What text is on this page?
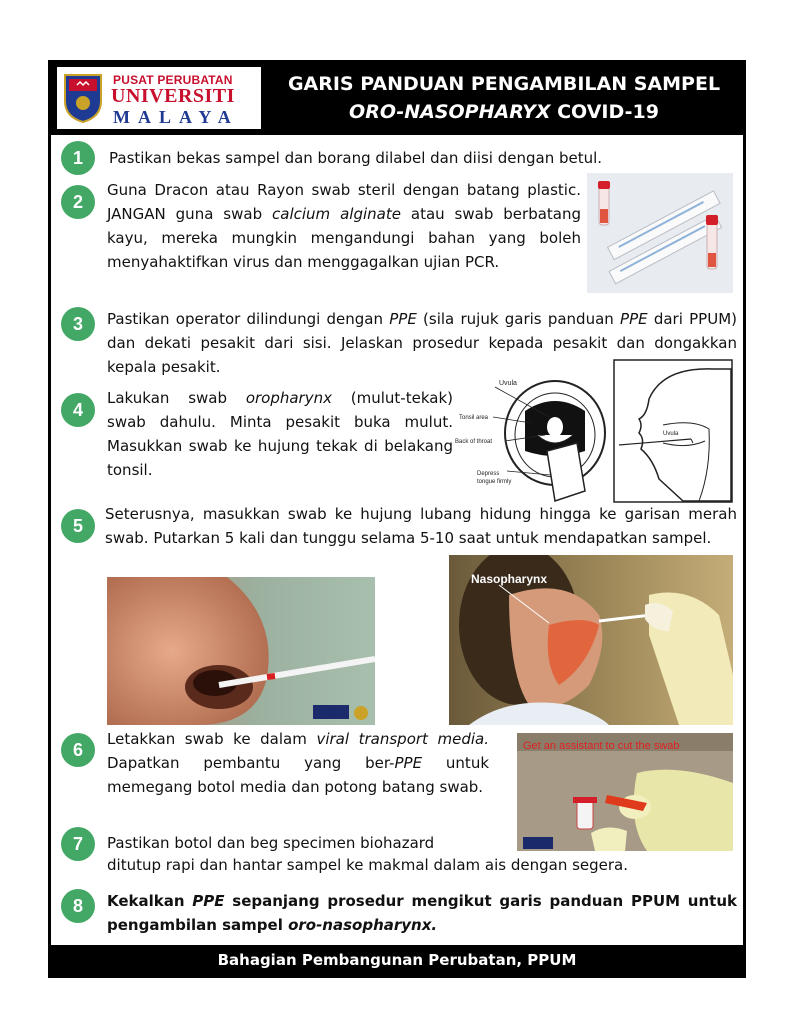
PUSAT PERUBATAN
UNIVERSITI
MALAYA
GARIS PANDUAN PENGAMBILAN SAMPEL
ORO-NASOPHARYX COVID-19
1	Pastikan bekas sampel dan borang dilabel dan diisi dengan betul.
2
Guna Dracon atau Rayon swab steril dengan batang plastic. JANGAN guna swab calcium alginate atau swab berbatang kayu, mereka mungkin mengandungi bahan yang boleh menyahaktifkan virus dan menggagalkan ujian PCR.
3	Pastikan operator dilindungi dengan PPE (sila rujuk garis panduan PPE dari PPUM) dan dekati pesakit dari sisi. Jelaskan prosedur kepada pesakit dan dongakkan kepala pesakit.
4
Lakukan swab oropharynx (mulut-tekak) swab dahulu. Minta pesakit buka mulut. Masukkan swab ke hujung tekak di belakang tonsil.
Uvula
Tonsil area
Back of throat
Depress
tongue firmly
Uvula
5
Seterusnya, masukkan swab ke hujung lubang hidung hingga ke garisan merah swab. Putarkan 5 kali dan tunggu selama 5-10 saat untuk mendapatkan sampel.
Nasopharynx
6
Letakkan swab ke dalam viral transport media. Dapatkan pembantu yang ber-PPE untuk memegang botol media dan potong batang swab.
Get an assistant to cut the swab
7	Pastikan botol dan beg specimen biohazard
ditutup rapi dan hantar sampel ke makmal dalam ais dengan segera.
8	Kekalkan PPE sepanjang prosedur mengikut garis panduan PPUM untuk pengambilan sampel oro-nasopharynx.
Bahagian Pembangunan Perubatan, PPUM
